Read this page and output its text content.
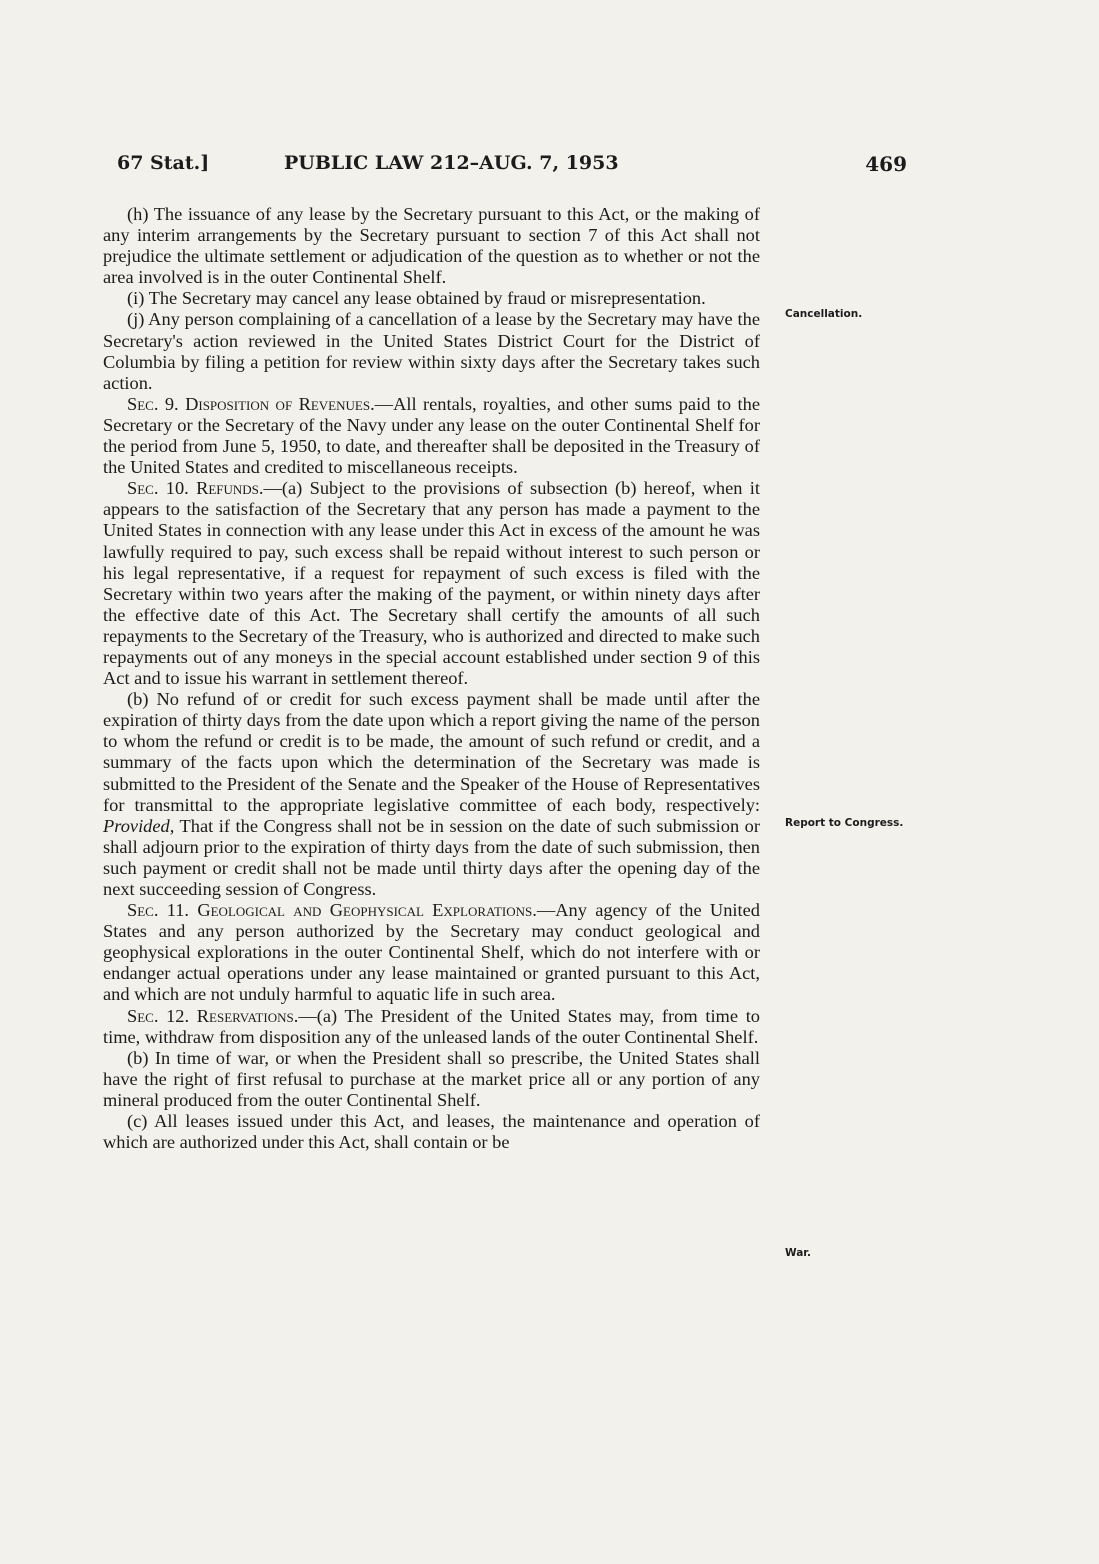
67 Stat.]	PUBLIC LAW 212–AUG. 7, 1953	469

(h) The issuance of any lease by the Secretary pursuant to this Act, or the making of any interim arrangements by the Secretary pursuant to section 7 of this Act shall not prejudice the ultimate settlement or adjudication of the question as to whether or not the area involved is in the outer Continental Shelf.

(i) The Secretary may cancel any lease obtained by fraud or misrepresentation.

(j) Any person complaining of a cancellation of a lease by the Secretary may have the Secretary's action reviewed in the United States District Court for the District of Columbia by filing a petition for review within sixty days after the Secretary takes such action.

Sec. 9. Disposition of Revenues.—All rentals, royalties, and other sums paid to the Secretary or the Secretary of the Navy under any lease on the outer Continental Shelf for the period from June 5, 1950, to date, and thereafter shall be deposited in the Treasury of the United States and credited to miscellaneous receipts.

Sec. 10. Refunds.—(a) Subject to the provisions of subsection (b) hereof, when it appears to the satisfaction of the Secretary that any person has made a payment to the United States in connection with any lease under this Act in excess of the amount he was lawfully required to pay, such excess shall be repaid without interest to such person or his legal representative, if a request for repayment of such excess is filed with the Secretary within two years after the making of the payment, or within ninety days after the effective date of this Act. The Secretary shall certify the amounts of all such repayments to the Secretary of the Treasury, who is authorized and directed to make such repayments out of any moneys in the special account established under section 9 of this Act and to issue his warrant in settlement thereof.

(b) No refund of or credit for such excess payment shall be made until after the expiration of thirty days from the date upon which a report giving the name of the person to whom the refund or credit is to be made, the amount of such refund or credit, and a summary of the facts upon which the determination of the Secretary was made is submitted to the President of the Senate and the Speaker of the House of Representatives for transmittal to the appropriate legislative committee of each body, respectively: Provided, That if the Congress shall not be in session on the date of such submission or shall adjourn prior to the expiration of thirty days from the date of such submission, then such payment or credit shall not be made until thirty days after the opening day of the next succeeding session of Congress.

Sec. 11. Geological and Geophysical Explorations.—Any agency of the United States and any person authorized by the Secretary may conduct geological and geophysical explorations in the outer Continental Shelf, which do not interfere with or endanger actual operations under any lease maintained or granted pursuant to this Act, and which are not unduly harmful to aquatic life in such area.

Sec. 12. Reservations.—(a) The President of the United States may, from time to time, withdraw from disposition any of the unleased lands of the outer Continental Shelf.

(b) In time of war, or when the President shall so prescribe, the United States shall have the right of first refusal to purchase at the market price all or any portion of any mineral produced from the outer Continental Shelf.

(c) All leases issued under this Act, and leases, the maintenance and operation of which are authorized under this Act, shall contain or be

Cancellation.
Report to Congress.
War.
